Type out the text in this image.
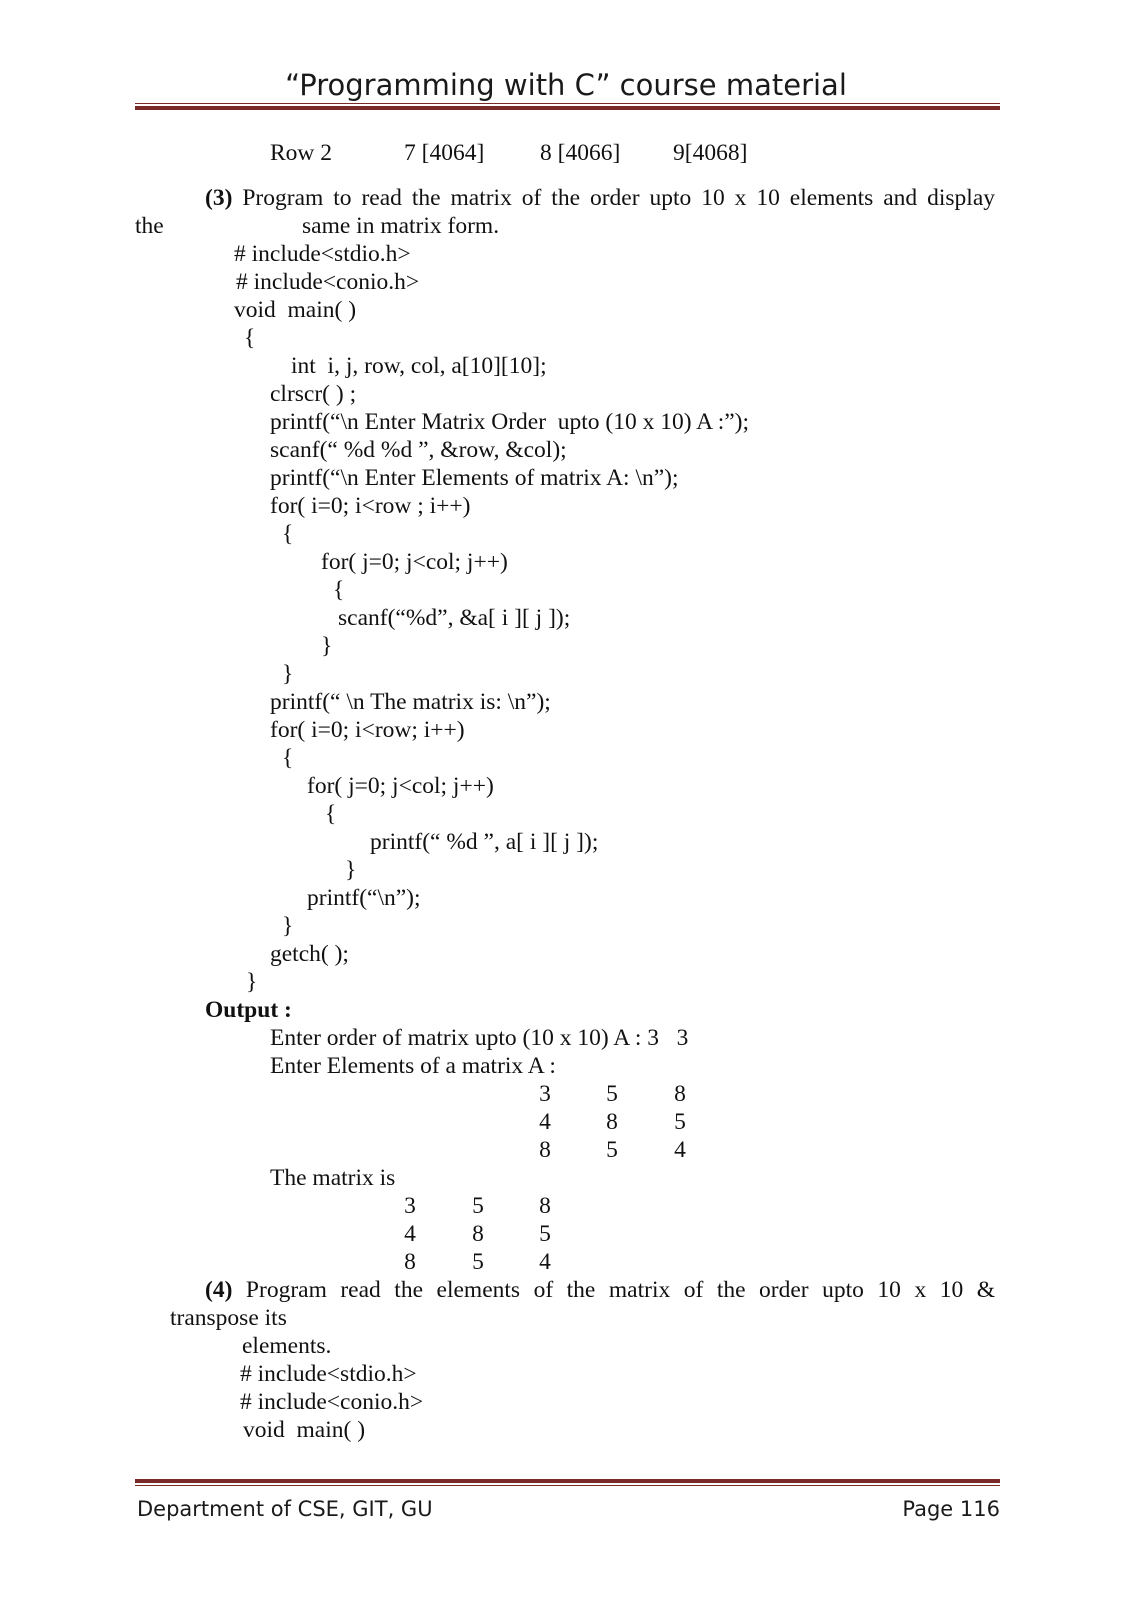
“Programming with C” course material
Row 2	7 [4064] 8 [4066] 9[4068]
(3) Program to read the matrix of the order upto 10 x 10 elements and display
the	same in matrix form.
# include<stdio.h>
# include<conio.h>
void  main( )
{
int  i, j, row, col, a[10][10];
clrscr( ) ;
printf(“\n Enter Matrix Order  upto (10 x 10) A :”);
scanf(“ %d %d ”, &row, &col);
printf(“\n Enter Elements of matrix A: \n”);
for( i=0; i<row ; i++)
{
for( j=0; j<col; j++)
{
scanf(“%d”, &a[ i ][ j ]);
}
}
printf(“ \n The matrix is: \n”);
for( i=0; i<row; i++)
{
for( j=0; j<col; j++)
{
printf(“ %d ”, a[ i ][ j ]);
}
printf(“\n”);
}
getch( );
}
Output :
Enter order of matrix upto (10 x 10) A : 3   3
Enter Elements of a matrix A :
3	5	8
4	8	5
8	5	4
The matrix is
3	5	8
4	8	5
8	5	4
(4) Program read the elements of the matrix of the order upto 10 x 10 &
transpose its
elements.
# include<stdio.h>
# include<conio.h>
void  main( )
Department of CSE, GIT, GU	Page 116
